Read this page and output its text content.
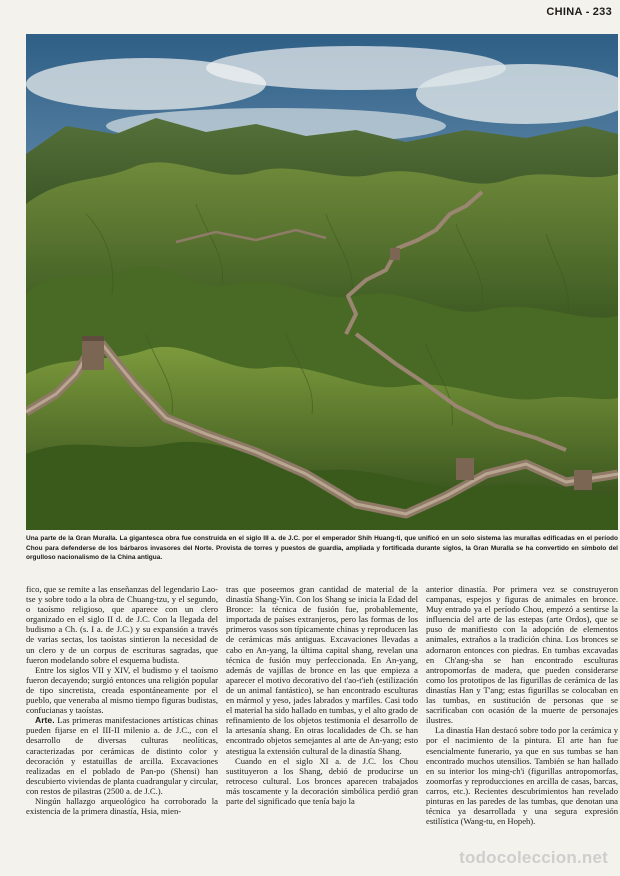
CHINA - 233
Una parte de la Gran Muralla. La gigantesca obra fue construida en el siglo III a. de J.C. por el emperador Shih Huang-ti, que unificó en un solo sistema las murallas edificadas en el período Chou para defenderse de los bárbaros invasores del Norte. Provista de torres y puestos de guardia, ampliada y fortificada durante siglos, la Gran Muralla se ha convertido en símbolo del orgulloso nacionalismo de la China antigua.

fico, que se remite a las enseñanzas del legendario Lao-tse y sobre todo a la obra de Chuang-tzu, y el segundo, o taoísmo religioso, que aparece con un clero organizado en el siglo II d. de J.C. Con la llegada del budismo a Ch. (s. I a. de J.C.) y su expansión a través de varias sectas, los taoístas sintieron la necesidad de un clero y de un corpus de escrituras sagradas, que fueron modelando sobre el esquema budista.

Entre los siglos VII y XIV, el budismo y el taoísmo fueron decayendo; surgió entonces una religión popular de tipo sincretista, creada espontáneamente por el pueblo, que veneraba al mismo tiempo figuras budistas, confucianas y taoístas.

Arte. Las primeras manifestaciones artísticas chinas pueden fijarse en el III-II milenio a. de J.C., con el desarrollo de diversas culturas neolíticas, caracterizadas por cerámicas de distinto color y decoración y estatuillas de arcilla. Excavaciones realizadas en el poblado de Pan-po (Shensi) han descubierto viviendas de planta cuadrangular y circular, con restos de pilastras (2500 a. de J.C.).

Ningún hallazgo arqueológico ha corroborado la existencia de la primera dinastía, Hsia, mien-

tras que poseemos gran cantidad de material de la dinastía Shang-Yin. Con los Shang se inicia la Edad del Bronce: la técnica de fusión fue, probablemente, importada de países extranjeros, pero las formas de los primeros vasos son típicamente chinas y reproducen las de cerámicas más antiguas. Excavaciones llevadas a cabo en An-yang, la última capital shang, revelan una técnica de fusión muy perfeccionada. En An-yang, además de vajillas de bronce en las que empieza a aparecer el motivo decorativo del t'ao-t'ieh (estilización de un animal fantástico), se han encontrado esculturas en mármol y yeso, jades labrados y marfiles. Casi todo el material ha sido hallado en tumbas, y el alto grado de refinamiento de los objetos testimonia el desarrollo de la artesanía shang. En otras localidades de Ch. se han encontrado objetos semejantes al arte de An-yang; esto atestigua la extensión cultural de la dinastía Shang.

Cuando en el siglo XI a. de J.C. los Chou sustituyeron a los Shang, debió de producirse un retroceso cultural. Los bronces aparecen trabajados más toscamente y la decoración simbólica perdió gran parte del significado que tenía bajo la

anterior dinastía. Por primera vez se construyeron campanas, espejos y figuras de animales en bronce. Muy entrado ya el período Chou, empezó a sentirse la influencia del arte de las estepas (arte Ordos), que se puso de manifiesto con la adopción de elementos animales, extraños a la tradición china. Los bronces se adornaron entonces con piedras. En tumbas excavadas en Ch'ang-sha se han encontrado esculturas antropomorfas de madera, que pueden considerarse como los prototipos de las figurillas de cerámica de las dinastías Han y T'ang; estas figurillas se colocaban en las tumbas, en sustitución de personas que se sacrificaban con ocasión de la muerte de personajes ilustres.

La dinastía Han destacó sobre todo por la cerámica y por el nacimiento de la pintura. El arte han fue esencialmente funerario, ya que en sus tumbas se han encontrado muchos utensilios. También se han hallado en su interior los ming-ch'i (figurillas antropomorfas, zoomorfas y reproducciones en arcilla de casas, barcas, carros, etc.). Recientes descubrimientos han revelado pinturas en las paredes de las tumbas, que denotan una técnica ya desarrollada y una segura expresión estilística (Wang-tu, en Hopeh).

todocoleccion.net
